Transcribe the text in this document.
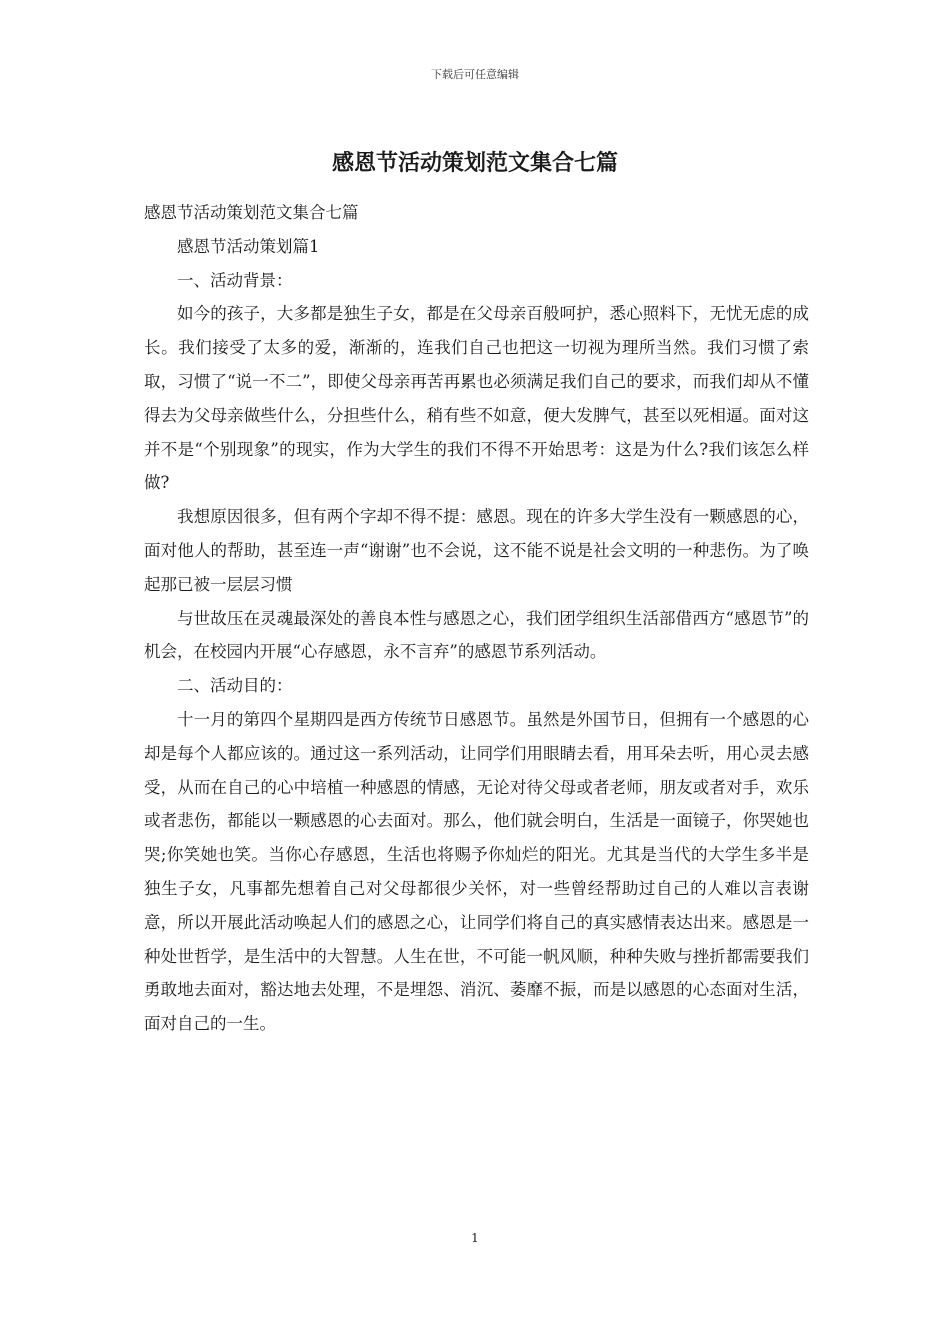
下载后可任意编辑
感恩节活动策划范文集合七篇

感恩节活动策划范文集合七篇

感恩节活动策划篇1

一、活动背景：

如今的孩子，大多都是独生子女，都是在父母亲百般呵护，悉心照料下，无忧无虑的成长。我们接受了太多的爱，渐渐的，连我们自己也把这一切视为理所当然。我们习惯了索取，习惯了“说一不二”，即使父母亲再苦再累也必须满足我们自己的要求，而我们却从不懂得去为父母亲做些什么，分担些什么，稍有些不如意，便大发脾气，甚至以死相逼。面对这并不是“个别现象”的现实，作为大学生的我们不得不开始思考：这是为什么?我们该怎么样做?

我想原因很多，但有两个字却不得不提：感恩。现在的许多大学生没有一颗感恩的心，面对他人的帮助，甚至连一声“谢谢”也不会说，这不能不说是社会文明的一种悲伤。为了唤起那已被一层层习惯

与世故压在灵魂最深处的善良本性与感恩之心，我们团学组织生活部借西方“感恩节”的机会，在校园内开展“心存感恩，永不言弃”的感恩节系列活动。

二、活动目的：

十一月的第四个星期四是西方传统节日感恩节。虽然是外国节日，但拥有一个感恩的心却是每个人都应该的。通过这一系列活动，让同学们用眼睛去看，用耳朵去听，用心灵去感受，从而在自己的心中培植一种感恩的情感，无论对待父母或者老师，朋友或者对手，欢乐或者悲伤，都能以一颗感恩的心去面对。那么，他们就会明白，生活是一面镜子，你哭她也哭;你笑她也笑。当你心存感恩，生活也将赐予你灿烂的阳光。尤其是当代的大学生多半是独生子女，凡事都先想着自己对父母都很少关怀，对一些曾经帮助过自己的人难以言表谢意，所以开展此活动唤起人们的感恩之心，让同学们将自己的真实感情表达出来。感恩是一种处世哲学，是生活中的大智慧。人生在世，不可能一帆风顺，种种失败与挫折都需要我们勇敢地去面对，豁达地去处理，不是埋怨、消沉、萎靡不振，而是以感恩的心态面对生活，面对自己的一生。

1
